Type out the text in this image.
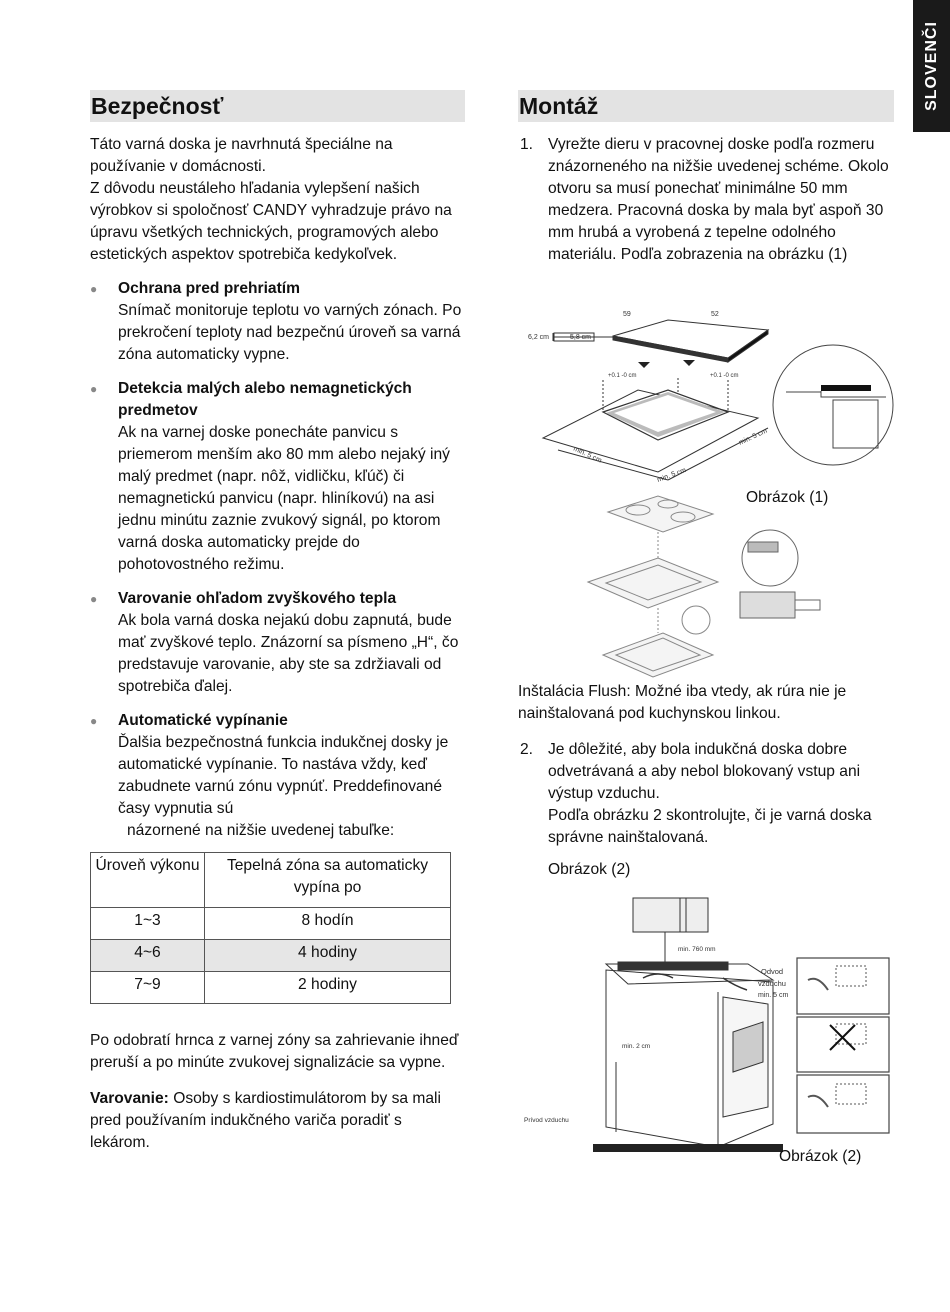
SLOVENČI
Bezpečnosť

Táto varná doska je navrhnutá špeciálne na používanie v domácnosti.

Z dôvodu neustáleho hľadania vylepšení našich výrobkov si spoločnosť CANDY vyhradzuje právo na úpravu všetkých technických, programových alebo estetických aspektov spotrebiča kedykoľvek.

● Ochrana pred prehriatím
Snímač monitoruje teplotu vo varných zónach. Po prekročení teploty nad bezpečnú úroveň sa varná zóna automaticky vypne.
● Detekcia malých alebo nemagnetických predmetov
Ak na varnej doske ponecháte panvicu s priemerom menším ako 80 mm alebo nejaký iný malý predmet (napr. nôž, vidličku, kľúč) či nemagnetickú panvicu (napr. hliníkovú) na asi jednu minútu zaznie zvukový signál, po ktorom varná doska automaticky prejde do pohotovostného režimu.
● Varovanie ohľadom zvyškového tepla
Ak bola varná doska nejakú dobu zapnutá, bude mať zvyškové teplo. Znázorní sa písmeno „H“, čo predstavuje varovanie, aby ste sa zdržiavali od spotrebiča ďalej.
● Automatické vypínanie
Ďalšia bezpečnostná funkcia indukčnej dosky je automatické vypínanie. To nastáva vždy, keď zabudnete varnú zónu vypnúť. Preddefinované časy vypnutia sú
názornené na nižšie uvedenej tabuľke:
Úroveň výkonu	Tepelná zóna sa automaticky vypína po
1~3	8 hodín
4~6	4 hodiny
7~9	2 hodiny

Po odobratí hrnca z varnej zóny sa zahrievanie ihneď preruší a po minúte zvukovej signalizácie sa vypne.

Varovanie: Osoby s kardiostimulátorom by sa mali pred používaním indukčného variča poradiť s lekárom.

Montáž
1. Vyrežte dieru v pracovnej doske podľa rozmeru znázorneného na nižšie uvedenej schéme. Okolo otvoru sa musí ponechať minimálne 50 mm medzera. Pracovná doska by mala byť aspoň 30 mm hrubá a vyrobená z tepelne odolného materiálu. Podľa zobrazenia na obrázku (1)
59	52
6,2 cm	5,8 cm
+0.1 -0 cm	+0.1 -0 cm
min. 5 cm
min. 5 cm
min. 5 cm
Obrázok (1)

Inštalácia Flush: Možné iba vtedy, ak rúra nie je nainštalovaná pod kuchynskou linkou.

2. Je dôležité, aby bola indukčná doska dobre odvetrávaná a aby nebol blokovaný vstup ani výstup vzduchu.
Podľa obrázku 2 skontrolujte, či je varná doska správne nainštalovaná.

Obrázok (2)

min. 760 mm
Odvod
vzduchu
min. 5 cm
min. 2 cm
Prívod vzduchu
Obrázok (2)
